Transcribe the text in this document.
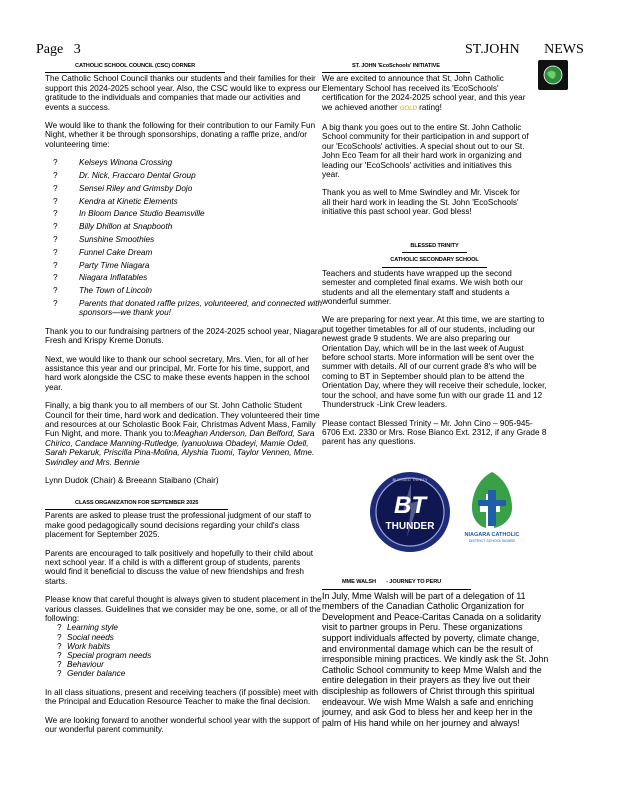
Page 3	ST.JOHN NEWS
CATHOLIC SCHOOL COUNCIL (CSC) CORNER

The Catholic School Council thanks our students and their families for their support this 2024-2025 school year. Also, the CSC would like to express our gratitude to the individuals and companies that made our activities and events a success.

We would like to thank the following for their contribution to our Family Fun Night, whether it be through sponsorships, donating a raffle prize, and/or volunteering time:

? Kelseys Winona Crossing
? Dr. Nick, Fraccaro Dental Group
? Sensei Riley and Grimsby Dojo
? Kendra at Kinetic Elements
? In Bloom Dance Studio Beamsville
? Billy Dhillon at Snapbooth
? Sunshine Smoothies
? Funnel Cake Dream
? Party Time Niagara
? Niagara Inflatables
? The Town of Lincoln
? Parents that donated raffle prizes, volunteered, and connected with sponsors—we thank you!

Thank you to our fundraising partners of the 2024-2025 school year, Niagara Fresh and Krispy Kreme Donuts.

Next, we would like to thank our school secretary, Mrs. Vien, for all of her assistance this year and our principal, Mr. Forte for his time, support, and hard work alongside the CSC to make these events happen in the school year.

Finally, a big thank you to all members of our St. John Catholic Student Council for their time, hard work and dedication. They volunteered their time and resources at our Scholastic Book Fair, Christmas Advent Mass, Family Fun Night, and more. Thank you to:Meaghan Anderson, Dan Belford, Sara Chirico, Candace Manning-Rutledge, Iyanuoluwa Obadeyi, Mamie Odell, Sarah Pekaruk, Priscilla Pina-Molina, Alyshia Tuomi, Taylor Vennen, Mme. Swindley and Mrs. Bennie

Lynn Dudok (Chair) & Breeann Staibano (Chair)

CLASS ORGANIZATION FOR SEPTEMBER 2025

Parents are asked to please trust the professional judgment of our staff to make good pedagogically sound decisions regarding your child's class placement for September 2025.

Parents are encouraged to talk positively and hopefully to their child about next school year. If a child is with a different group of students, parents would find it beneficial to discuss the value of new friendships and fresh starts.

Please know that careful thought is always given to student placement in the various classes. Guidelines that we consider may be one, some, or all of the following:

? Learning style
? Social needs
? Work habits
? Special program needs
? Behaviour
? Gender balance

In all class situations, present and receiving teachers (if possible) meet with the Principal and Education Resource Teacher to make the final decision.

We are looking forward to another wonderful school year with the support of our wonderful parent community.

ST. JOHN 'EcoSchools' INITIATIVE

We are excited to announce that St. John Catholic Elementary School has received its 'EcoSchools' certification for the 2024-2025 school year, and this year we achieved another GOLD rating!

A big thank you goes out to the entire St. John Catholic School community for their participation in and support of our 'EcoSchools' activities. A special shout out to our St. John Eco Team for all their hard work in organizing and leading our 'EcoSchools' activities and initiatives this year.

Thank you as well to Mme Swindley and Mr. Viscek for all their hard work in leading the St. John 'EcoSchools' initiative this past school year. God bless!

BLESSED TRINITY
CATHOLIC SECONDARY SCHOOL

Teachers and students have wrapped up the second semester and completed final exams. We wish both our students and all the elementary staff and students a wonderful summer.

We are preparing for next year. At this time, we are starting to put together timetables for all of our students, including our newest grade 9 students. We are also preparing our Orientation Day, which will be in the last week of August before school starts. More information will be sent over the summer with details. All of our current grade 8's who will be coming to BT in September should plan to be attend the Orientation Day, where they will receive their schedule, locker, tour the school, and have some fun with our grade 11 and 12 Thunderstruck -Link Crew leaders.

Please contact Blessed Trinity – Mr. John Cino – 905-945-6706 Ext. 2330 or Mrs. Rose Bianco Ext. 2312, if any Grade 8 parent has any questions.

BT
THUNDER
BLESSED TRINITY
NIAGARA CATHOLIC
DISTRICT SCHOOL BOARD
MME WALSH - JOURNEY TO PERU

In July, Mme Walsh will be part of a delegation of 11 members of the Canadian Catholic Organization for Development and Peace-Caritas Canada on a solidarity visit to partner groups in Peru. These organizations support individuals affected by poverty, climate change, and environmental damage which can be the result of irresponsible mining practices. We kindly ask the St. John Catholic School community to keep Mme Walsh and the entire delegation in their prayers as they live out their discipleship as followers of Christ through this spiritual endeavour. We wish Mme Walsh a safe and enriching journey, and ask God to bless her and keep her in the palm of His hand while on her journey and always!
